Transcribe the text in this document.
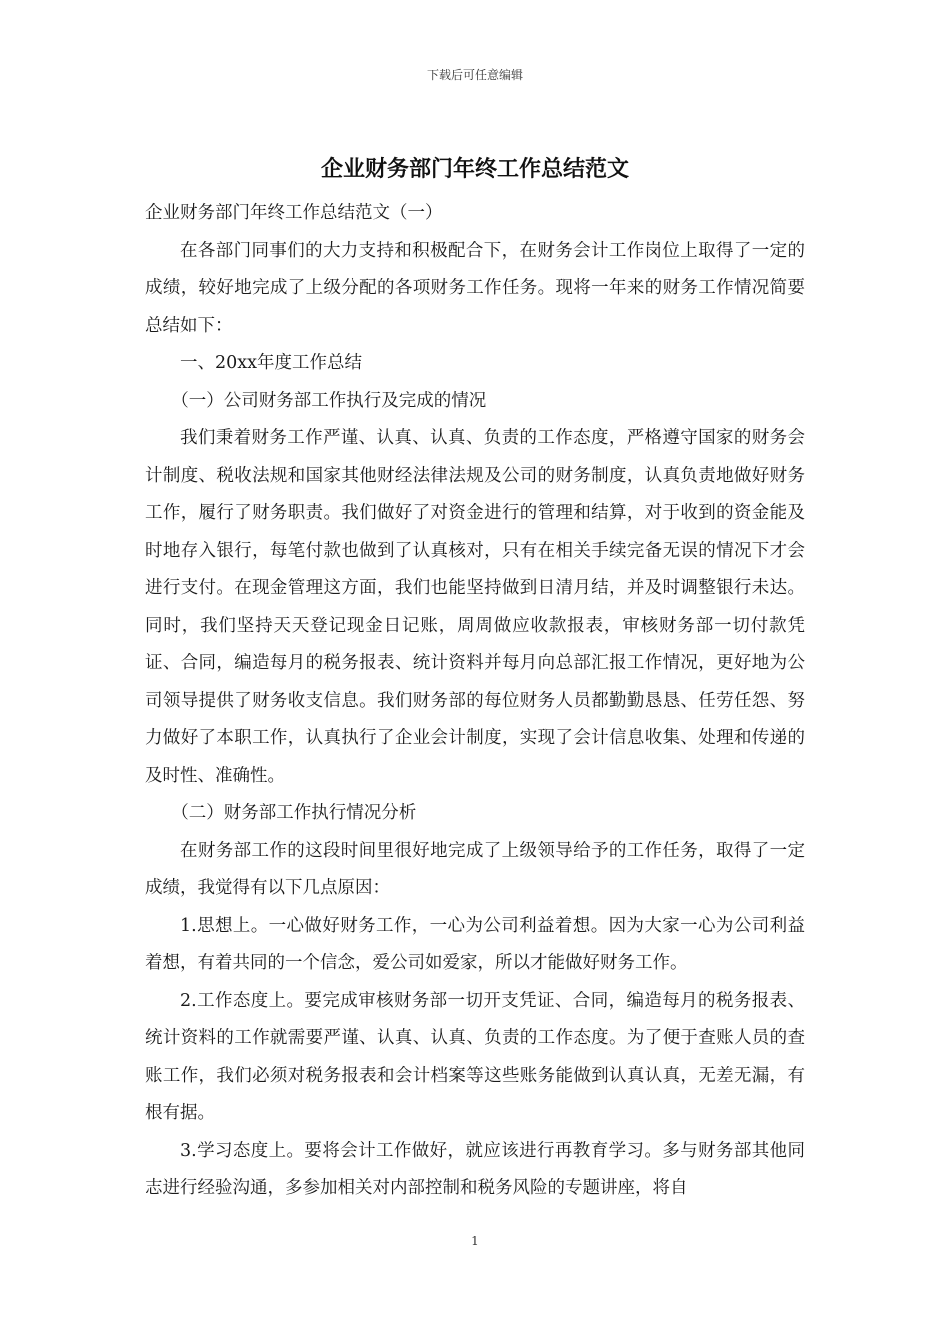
下载后可任意编辑
企业财务部门年终工作总结范文

企业财务部门年终工作总结范文（一）

在各部门同事们的大力支持和积极配合下，在财务会计工作岗位上取得了一定的成绩，较好地完成了上级分配的各项财务工作任务。现将一年来的财务工作情况简要总结如下：

一、20xx年度工作总结

（一）公司财务部工作执行及完成的情况

我们秉着财务工作严谨、认真、认真、负责的工作态度，严格遵守国家的财务会计制度、税收法规和国家其他财经法律法规及公司的财务制度，认真负责地做好财务工作，履行了财务职责。我们做好了对资金进行的管理和结算，对于收到的资金能及时地存入银行，每笔付款也做到了认真核对，只有在相关手续完备无误的情况下才会进行支付。在现金管理这方面，我们也能坚持做到日清月结，并及时调整银行未达。同时，我们坚持天天登记现金日记账，周周做应收款报表，审核财务部一切付款凭证、合同，编造每月的税务报表、统计资料并每月向总部汇报工作情况，更好地为公司领导提供了财务收支信息。我们财务部的每位财务人员都勤勤恳恳、任劳任怨、努力做好了本职工作，认真执行了企业会计制度，实现了会计信息收集、处理和传递的及时性、准确性。

（二）财务部工作执行情况分析

在财务部工作的这段时间里很好地完成了上级领导给予的工作任务，取得了一定成绩，我觉得有以下几点原因：

1.思想上。一心做好财务工作，一心为公司利益着想。因为大家一心为公司利益着想，有着共同的一个信念，爱公司如爱家，所以才能做好财务工作。

2.工作态度上。要完成审核财务部一切开支凭证、合同，编造每月的税务报表、统计资料的工作就需要严谨、认真、认真、负责的工作态度。为了便于查账人员的查账工作，我们必须对税务报表和会计档案等这些账务能做到认真认真，无差无漏，有根有据。

3.学习态度上。要将会计工作做好，就应该进行再教育学习。多与财务部其他同志进行经验沟通，多参加相关对内部控制和税务风险的专题讲座，将自

1
